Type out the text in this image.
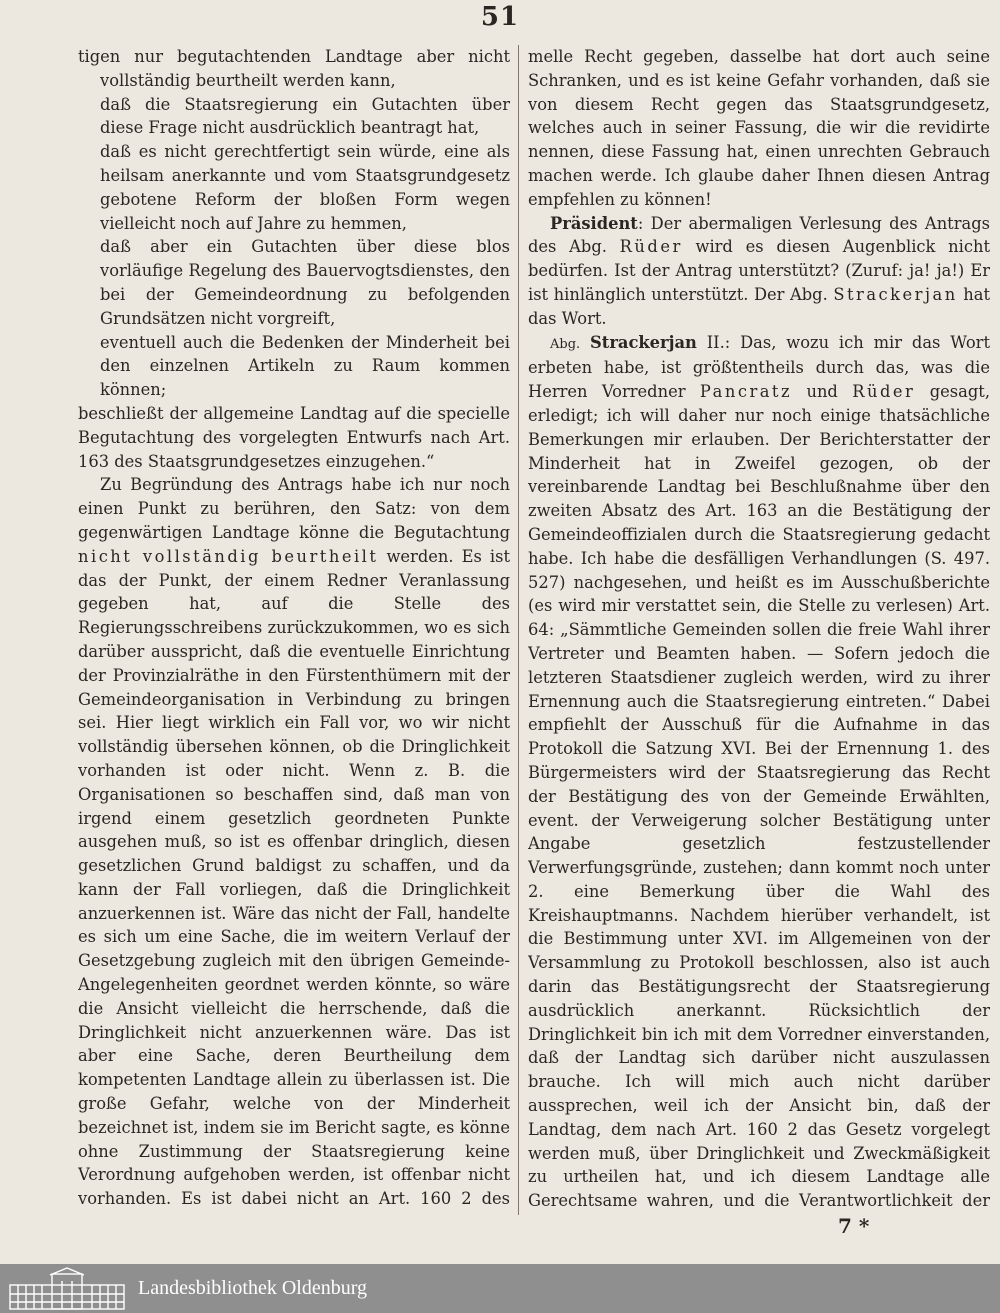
51

tigen nur begutachtenden Landtage aber nicht vollständig beurtheilt werden kann,

daß die Staatsregierung ein Gutachten über diese Frage nicht ausdrücklich beantragt hat,

daß es nicht gerechtfertigt sein würde, eine als heilsam anerkannte und vom Staatsgrundgesetz gebotene Reform der bloßen Form wegen vielleicht noch auf Jahre zu hemmen,

daß aber ein Gutachten über diese blos vorläufige Regelung des Bauervogtsdienstes, den bei der Gemeindeordnung zu befolgenden Grundsätzen nicht vorgreift,

eventuell auch die Bedenken der Minderheit bei den einzelnen Artikeln zu Raum kommen können;

beschließt der allgemeine Landtag auf die specielle Begutachtung des vorgelegten Entwurfs nach Art. 163 des Staatsgrundgesetzes einzugehen.“

Zu Begründung des Antrags habe ich nur noch einen Punkt zu berühren, den Satz: von dem gegenwärtigen Landtage könne die Begutachtung nicht vollständig beurtheilt werden. Es ist das der Punkt, der einem Redner Veranlassung gegeben hat, auf die Stelle des Regierungsschreibens zurückzukommen, wo es sich darüber ausspricht, daß die eventuelle Einrichtung der Provinzialräthe in den Fürstenthümern mit der Gemeindeorganisation in Verbindung zu bringen sei. Hier liegt wirklich ein Fall vor, wo wir nicht vollständig übersehen können, ob die Dringlichkeit vorhanden ist oder nicht. Wenn z. B. die Organisationen so beschaffen sind, daß man von irgend einem gesetzlich geordneten Punkte ausgehen muß, so ist es offenbar dringlich, diesen gesetzlichen Grund baldigst zu schaffen, und da kann der Fall vorliegen, daß die Dringlichkeit anzuerkennen ist. Wäre das nicht der Fall, handelte es sich um eine Sache, die im weitern Verlauf der Gesetzgebung zugleich mit den übrigen Gemeinde-Angelegenheiten geordnet werden könnte, so wäre die Ansicht vielleicht die herrschende, daß die Dringlichkeit nicht anzuerkennen wäre. Das ist aber eine Sache, deren Beurtheilung dem kompetenten Landtage allein zu überlassen ist. Die große Gefahr, welche von der Minderheit bezeichnet ist, indem sie im Bericht sagte, es könne ohne Zustimmung der Staatsregierung keine Verordnung aufgehoben werden, ist offenbar nicht vorhanden. Es ist dabei nicht an Art. 160 2 des

melle Recht gegeben, dasselbe hat dort auch seine Schranken, und es ist keine Gefahr vorhanden, daß sie von diesem Recht gegen das Staatsgrundgesetz, welches auch in seiner Fassung, die wir die revidirte nennen, diese Fassung hat, einen unrechten Gebrauch machen werde. Ich glaube daher Ihnen diesen Antrag empfehlen zu können!

Präsident: Der abermaligen Verlesung des Antrags des Abg. Rüder wird es diesen Augenblick nicht bedürfen. Ist der Antrag unterstützt? (Zuruf: ja! ja!) Er ist hinlänglich unterstützt. Der Abg. Strackerjan hat das Wort.

Abg. Strackerjan II.: Das, wozu ich mir das Wort erbeten habe, ist größtentheils durch das, was die Herren Vorredner Pancratz und Rüder gesagt, erledigt; ich will daher nur noch einige thatsächliche Bemerkungen mir erlauben. Der Berichterstatter der Minderheit hat in Zweifel gezogen, ob der vereinbarende Landtag bei Beschlußnahme über den zweiten Absatz des Art. 163 an die Bestätigung der Gemeindeoffizialen durch die Staatsregierung gedacht habe. Ich habe die desfälligen Verhandlungen (S. 497. 527) nachgesehen, und heißt es im Ausschußberichte (es wird mir verstattet sein, die Stelle zu verlesen) Art. 64: „Sämmtliche Gemeinden sollen die freie Wahl ihrer Vertreter und Beamten haben. — Sofern jedoch die letzteren Staatsdiener zugleich werden, wird zu ihrer Ernennung auch die Staatsregierung eintreten.“ Dabei empfiehlt der Ausschuß für die Aufnahme in das Protokoll die Satzung XVI. Bei der Ernennung 1. des Bürgermeisters wird der Staatsregierung das Recht der Bestätigung des von der Gemeinde Erwählten, event. der Verweigerung solcher Bestätigung unter Angabe gesetzlich festzustellender Verwerfungsgründe, zustehen; dann kommt noch unter 2. eine Bemerkung über die Wahl des Kreishauptmanns. Nachdem hierüber verhandelt, ist die Bestimmung unter XVI. im Allgemeinen von der Versammlung zu Protokoll beschlossen, also ist auch darin das Bestätigungsrecht der Staatsregierung ausdrücklich anerkannt. Rücksichtlich der Dringlichkeit bin ich mit dem Vorredner einverstanden, daß der Landtag sich darüber nicht auszulassen brauche. Ich will mich auch nicht darüber aussprechen, weil ich der Ansicht bin, daß der Landtag, dem nach Art. 160 2 das Gesetz vorgelegt werden muß, über Dringlichkeit und Zweckmäßigkeit zu urtheilen hat, und ich diesem Landtage alle Gerechtsame wahren, und die Verantwortlichkeit der

7 *
Landesbibliothek Oldenburg
